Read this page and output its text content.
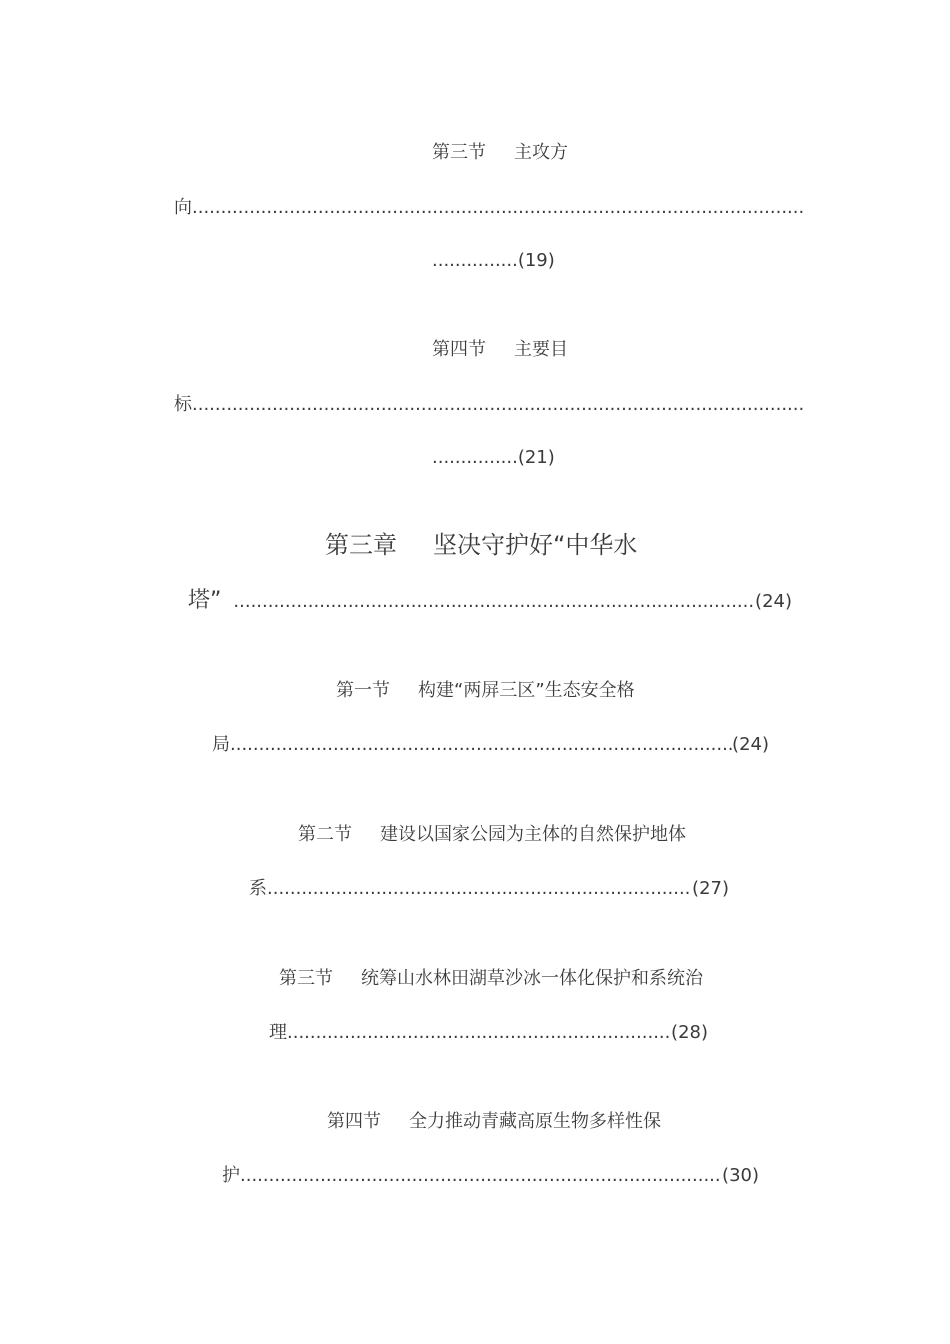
第三节 主攻方
向
.....
...............(19)
第四节 主要目
标
.....
...............(21)
第三章 坚决守护好“中华水
塔” .....	(24)
第一节 构建“两屏三区”生态安全格
局 .....	(24)
第二节 建设以国家公园为主体的自然保护地体
系 .....	(27)
第三节 统筹山水林田湖草沙冰一体化保护和系统治
理 .....	(28)
第四节 全力推动青藏高原生物多样性保
护 .....	(30)
